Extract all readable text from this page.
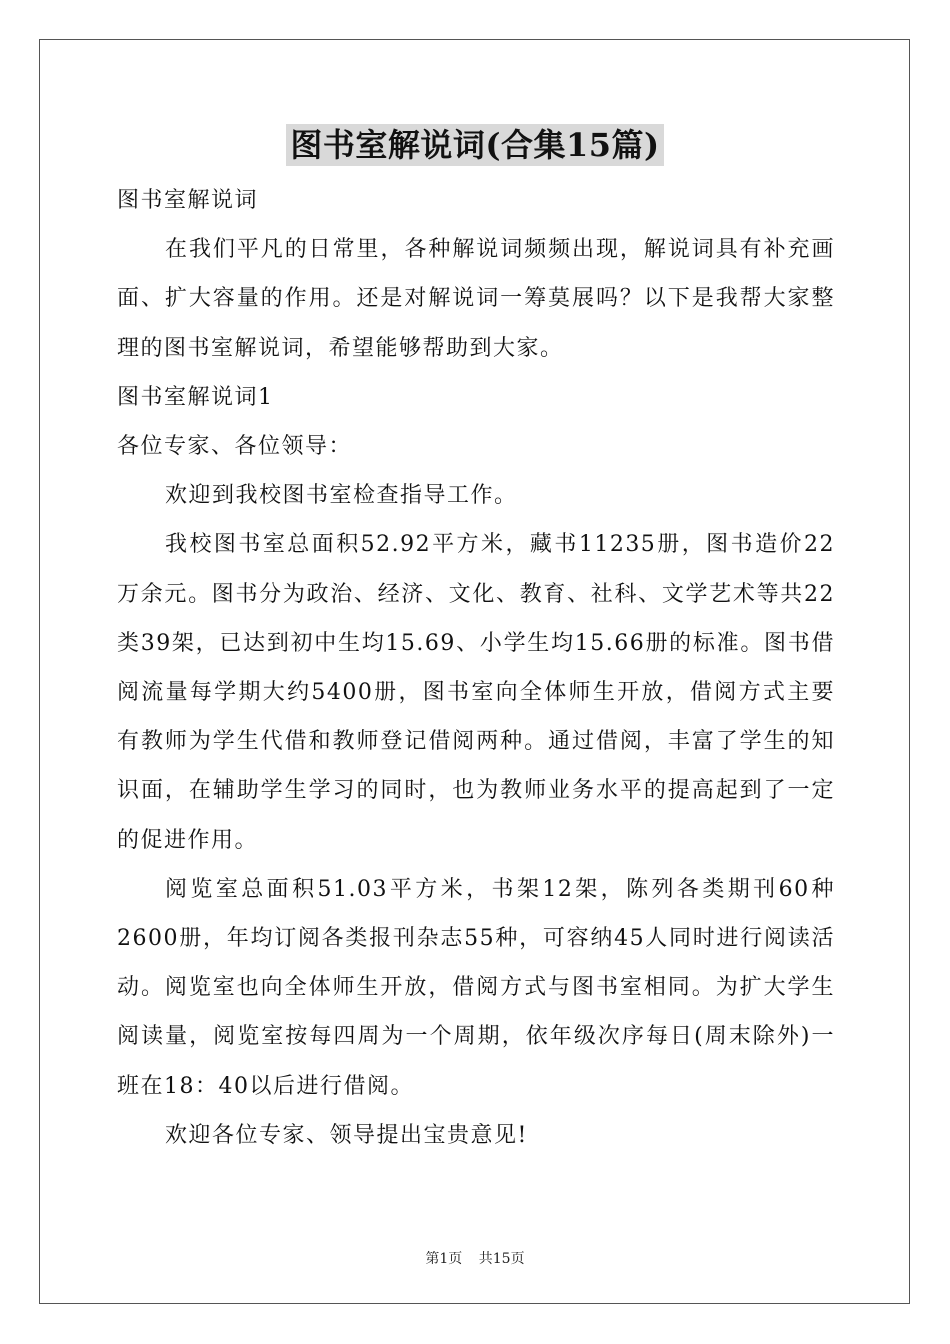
图书室解说词(合集15篇)

图书室解说词

在我们平凡的日常里，各种解说词频频出现，解说词具有补充画面、扩大容量的作用。还是对解说词一筹莫展吗？以下是我帮大家整理的图书室解说词，希望能够帮助到大家。

图书室解说词1

各位专家、各位领导：

欢迎到我校图书室检查指导工作。

我校图书室总面积52.92平方米，藏书11235册，图书造价22万余元。图书分为政治、经济、文化、教育、社科、文学艺术等共22类39架，已达到初中生均15.69、小学生均15.66册的标准。图书借阅流量每学期大约5400册，图书室向全体师生开放，借阅方式主要有教师为学生代借和教师登记借阅两种。通过借阅，丰富了学生的知识面，在辅助学生学习的同时，也为教师业务水平的提高起到了一定的促进作用。

阅览室总面积51.03平方米，书架12架，陈列各类期刊60种2600册，年均订阅各类报刊杂志55种，可容纳45人同时进行阅读活动。阅览室也向全体师生开放，借阅方式与图书室相同。为扩大学生阅读量，阅览室按每四周为一个周期，依年级次序每日(周末除外)一班在18：40以后进行借阅。

欢迎各位专家、领导提出宝贵意见!

第1页 共15页
